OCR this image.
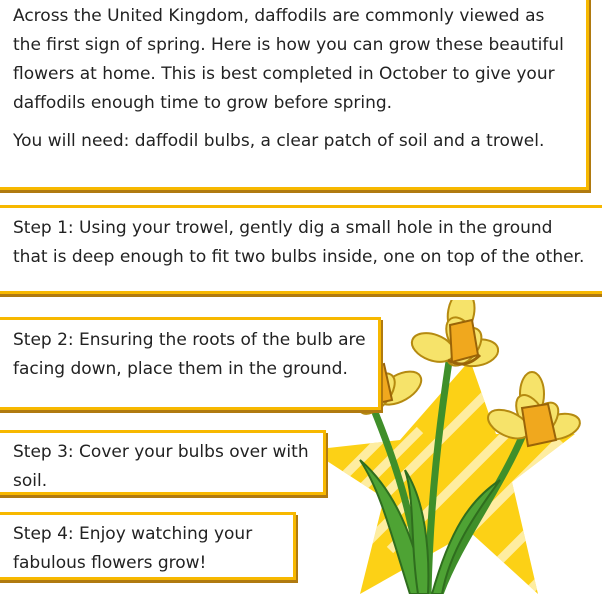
Across the United Kingdom, daffodils are commonly viewed as the first sign of spring. Here is how you can grow these beautiful flowers at home. This is best completed in October to give your daffodils enough time to grow before spring.

You will need: daffodil bulbs, a clear patch of soil and a trowel.

Step 1: Using your trowel, gently dig a small hole in the ground that is deep enough to fit two bulbs inside, one on top of the other.

Step 2: Ensuring the roots of the bulb are facing down, place them in the ground.

Step 3: Cover your bulbs over with soil.

Step 4: Enjoy watching your fabulous flowers grow!
